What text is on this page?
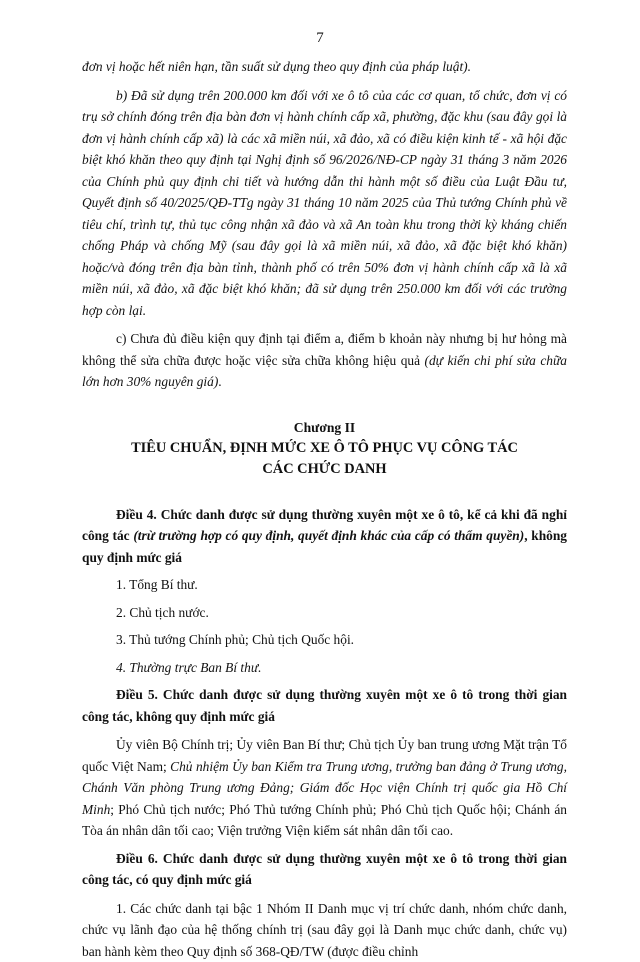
7

đơn vị hoặc hết niên hạn, tần suất sử dụng theo quy định của pháp luật).

b) Đã sử dụng trên 200.000 km đối với xe ô tô của các cơ quan, tổ chức, đơn vị có trụ sở chính đóng trên địa bàn đơn vị hành chính cấp xã, phường, đặc khu (sau đây gọi là đơn vị hành chính cấp xã) là các xã miền núi, xã đảo, xã có điều kiện kinh tế - xã hội đặc biệt khó khăn theo quy định tại Nghị định số 96/2026/NĐ-CP ngày 31 tháng 3 năm 2026 của Chính phủ quy định chi tiết và hướng dẫn thi hành một số điều của Luật Đầu tư, Quyết định số 40/2025/QĐ-TTg ngày 31 tháng 10 năm 2025 của Thủ tướng Chính phủ về tiêu chí, trình tự, thủ tục công nhận xã đảo và xã An toàn khu trong thời kỳ kháng chiến chống Pháp và chống Mỹ (sau đây gọi là xã miền núi, xã đảo, xã đặc biệt khó khăn) hoặc/và đóng trên địa bàn tỉnh, thành phố có trên 50% đơn vị hành chính cấp xã là xã miền núi, xã đảo, xã đặc biệt khó khăn; đã sử dụng trên 250.000 km đối với các trường hợp còn lại.

c) Chưa đủ điều kiện quy định tại điểm a, điểm b khoản này nhưng bị hư hỏng mà không thể sửa chữa được hoặc việc sửa chữa không hiệu quả (dự kiến chi phí sửa chữa lớn hơn 30% nguyên giá).

Chương II
TIÊU CHUẨN, ĐỊNH MỨC XE Ô TÔ PHỤC VỤ CÔNG TÁC
CÁC CHỨC DANH

Điều 4. Chức danh được sử dụng thường xuyên một xe ô tô, kể cả khi đã nghỉ công tác (trừ trường hợp có quy định, quyết định khác của cấp có thẩm quyền), không quy định mức giá

1. Tổng Bí thư.

2. Chủ tịch nước.

3. Thủ tướng Chính phủ; Chủ tịch Quốc hội.

4. Thường trực Ban Bí thư.

Điều 5. Chức danh được sử dụng thường xuyên một xe ô tô trong thời gian công tác, không quy định mức giá

Ủy viên Bộ Chính trị; Ủy viên Ban Bí thư; Chủ tịch Ủy ban trung ương Mặt trận Tổ quốc Việt Nam; Chủ nhiệm Ủy ban Kiểm tra Trung ương, trưởng ban đảng ở Trung ương, Chánh Văn phòng Trung ương Đảng; Giám đốc Học viện Chính trị quốc gia Hồ Chí Minh; Phó Chủ tịch nước; Phó Thủ tướng Chính phủ; Phó Chủ tịch Quốc hội; Chánh án Tòa án nhân dân tối cao; Viện trưởng Viện kiểm sát nhân dân tối cao.

Điều 6. Chức danh được sử dụng thường xuyên một xe ô tô trong thời gian công tác, có quy định mức giá

1. Các chức danh tại bậc 1 Nhóm II Danh mục vị trí chức danh, nhóm chức danh, chức vụ lãnh đạo của hệ thống chính trị (sau đây gọi là Danh mục chức danh, chức vụ) ban hành kèm theo Quy định số 368-QĐ/TW (được điều chỉnh
